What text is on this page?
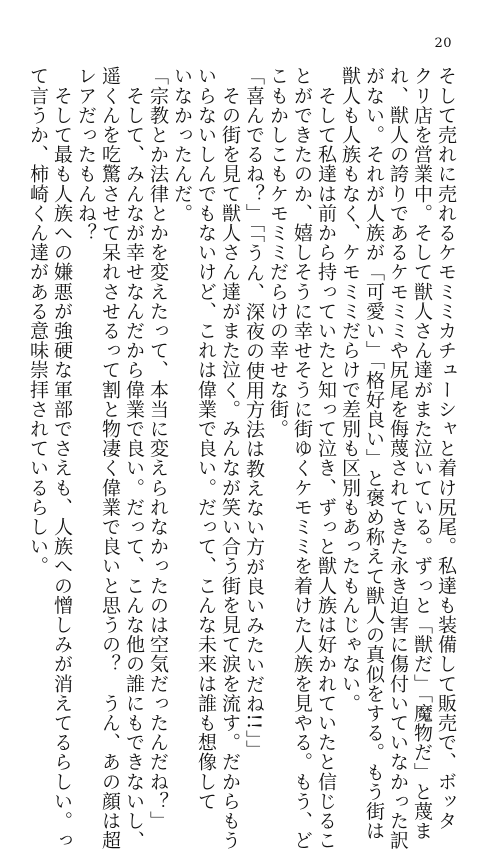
20
そして売れに売れるケモミミカチューシャと着け尻尾。私達も装備して販売で、ボッタ
クリ店を営業中。そして獣人さん達がまた泣いている。ずっと「獣だ」「魔物だ」と蔑ま
れ、獣人の誇りであるケモミミや尻尾を侮蔑されてきた永き迫害に傷付いていなかった訳
がない。それが人族が「可愛い」「格好良い」と褒め称えて獣人の真似をする。もう街は
獣人も人族もなく、ケモミミだらけで差別も区別もあったもんじゃない。
　そして私達は前から持っていたと知って泣き、ずっと獣人族は好かれていたと信じるこ
とができたのか、嬉しそうに幸せそうに街ゆくケモミミを着けた人族を見やる。もう、ど
こもかしこもケモミミだらけの幸せな街。
「喜んでるね？」「「うん、深夜の使用方法は教えない方が良いみたいだね!!」」
　その街を見て獣人さん達がまた泣く。みんなが笑い合う街を見て涙を流す。だからもう
いらないしんでもないけど、これは偉業で良い。だって、こんな未来は誰も想像して
いなかったんだ。
「宗教とか法律とかを変えたって、本当に変えられなかったのは空気だったんだね？」
　そして、みんなが幸せなんだから偉業で良い。だって、こんな他の誰にもできないし、
遥くんを吃驚させて呆れさせるって割と物凄く偉業で良いと思うの？　うん、あの顔は超
レアだったもんね？
　そして最も人族への嫌悪が強硬な軍部でさえも、人族への憎しみが消えてるらしい。っ
て言うか、柿崎くん達がある意味崇拝されているらしい。
